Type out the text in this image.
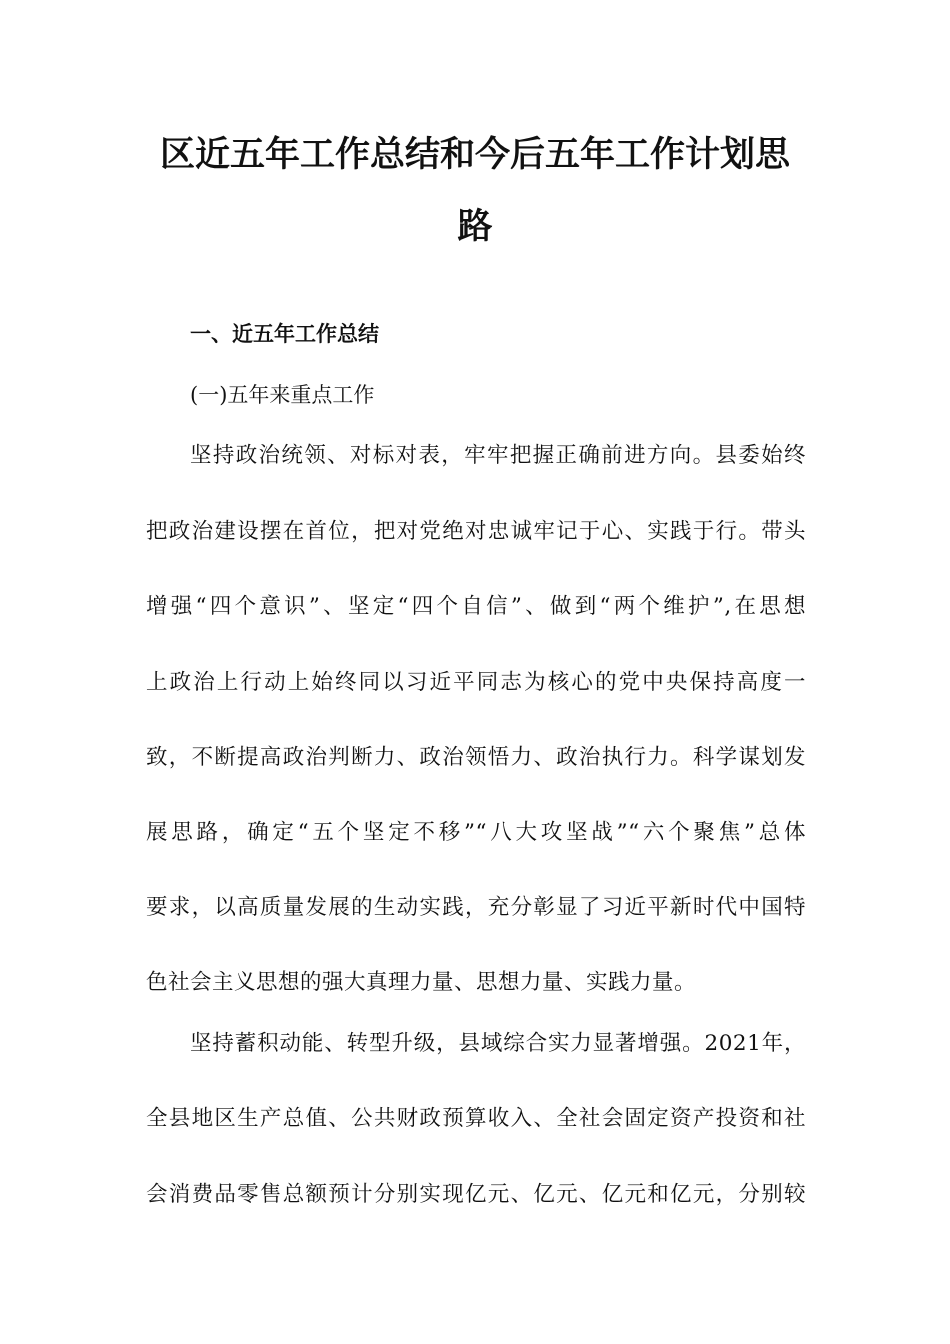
区近五年工作总结和今后五年工作计划思
路
一、近五年工作总结
(一)五年来重点工作
坚持政治统领、对标对表，牢牢把握正确前进方向。县委始终
把政治建设摆在首位，把对党绝对忠诚牢记于心、实践于行。带头
增强“四个意识”、坚定“四个自信”、做到“两个维护”,在思想
上政治上行动上始终同以习近平同志为核心的党中央保持高度一
致，不断提高政治判断力、政治领悟力、政治执行力。科学谋划发
展思路，确定“五个坚定不移”“八大攻坚战”“六个聚焦”总体
要求，以高质量发展的生动实践，充分彰显了习近平新时代中国特
色社会主义思想的强大真理力量、思想力量、实践力量。
坚持蓄积动能、转型升级，县域综合实力显著增强。2021年，
全县地区生产总值、公共财政预算收入、全社会固定资产投资和社
会消费品零售总额预计分别实现亿元、亿元、亿元和亿元，分别较
